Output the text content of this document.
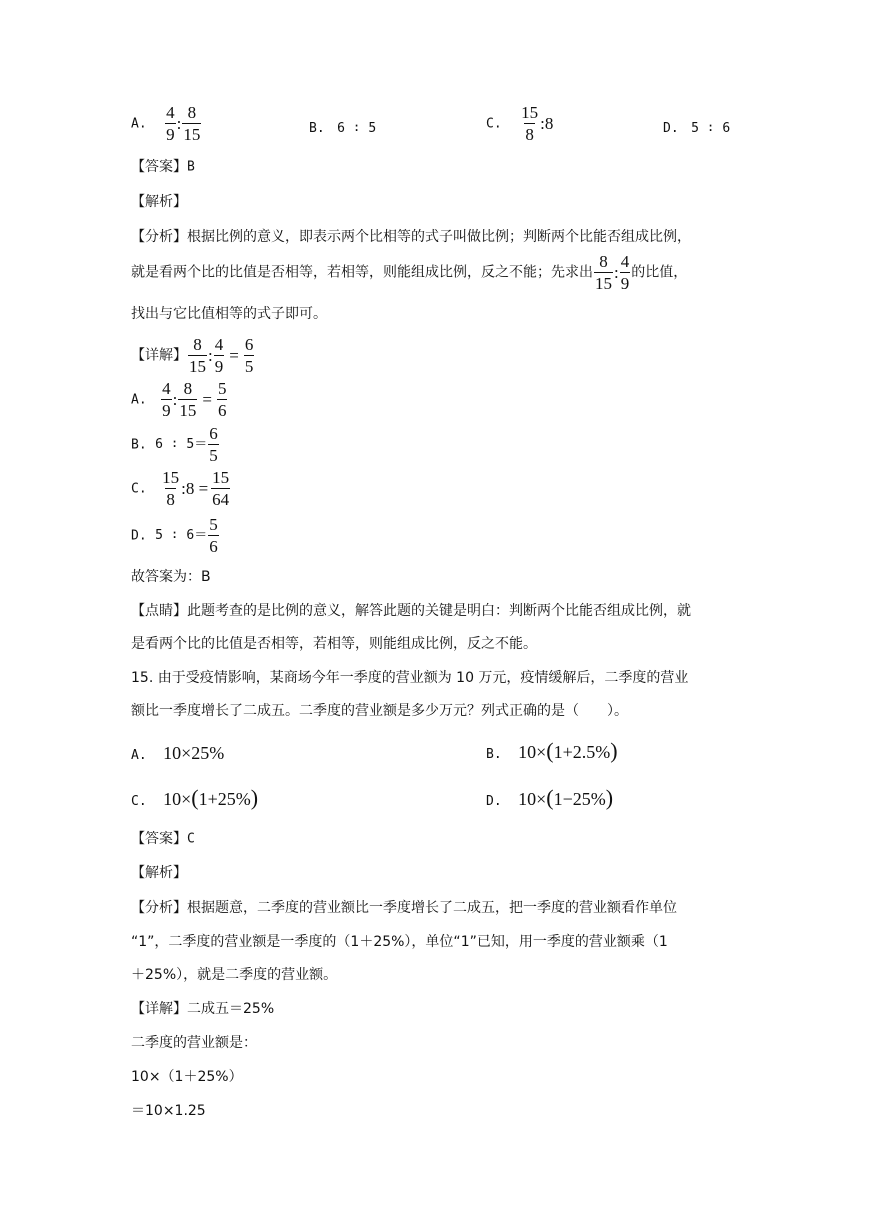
A. $\frac{4}{9}$ : $\frac{8}{15}$	B. 6 ∶ 5	C. $\frac{15}{8}$ :8	D. 5 ∶ 6
【答案】B
【解析】
【分析】根据比例的意义，即表示两个比相等的式子叫做比例；判断两个比能否组成比例，
就是看两个比的比值是否相等，若相等，则能组成比例，反之不能；先求出 $\frac{8}{15}$ : $\frac{4}{9}$ 的比值，
找出与它比值相等的式子即可。
【详解】 $\frac{8}{15}$ : $\frac{4}{9} = \frac{6}{5}$
A. $\frac{4}{9}$ : $\frac{8}{15} = \frac{5}{6}$
B. 6 ∶ $5= \frac{6}{5}$
C. $\frac{15}{8}$ :8 = $\frac{15}{64}$
D. 5 ∶ $6= \frac{5}{6}$
故答案为：B
【点睛】此题考查的是比例的意义，解答此题的关键是明白：判断两个比能否组成比例，就
是看两个比的比值是否相等，若相等，则能组成比例，反之不能。
15. 由于受疫情影响，某商场今年一季度的营业额为 10 万元，疫情缓解后，二季度的营业
额比一季度增长了二成五。二季度的营业额是多少万元？列式正确的是（　　）。
A. 10×25%	B. 10×(1+2.5%)
C. 10×(1+25%)	D. 10×(1−25%)
【答案】C
【解析】
【分析】根据题意，二季度的营业额比一季度增长了二成五，把一季度的营业额看作单位
“1”，二季度的营业额是一季度的（1＋25%），单位“1”已知，用一季度的营业额乘（1
＋25%），就是二季度的营业额。
【详解】二成五＝25%
二季度的营业额是：
10×（1＋25%）
＝10×1.25
